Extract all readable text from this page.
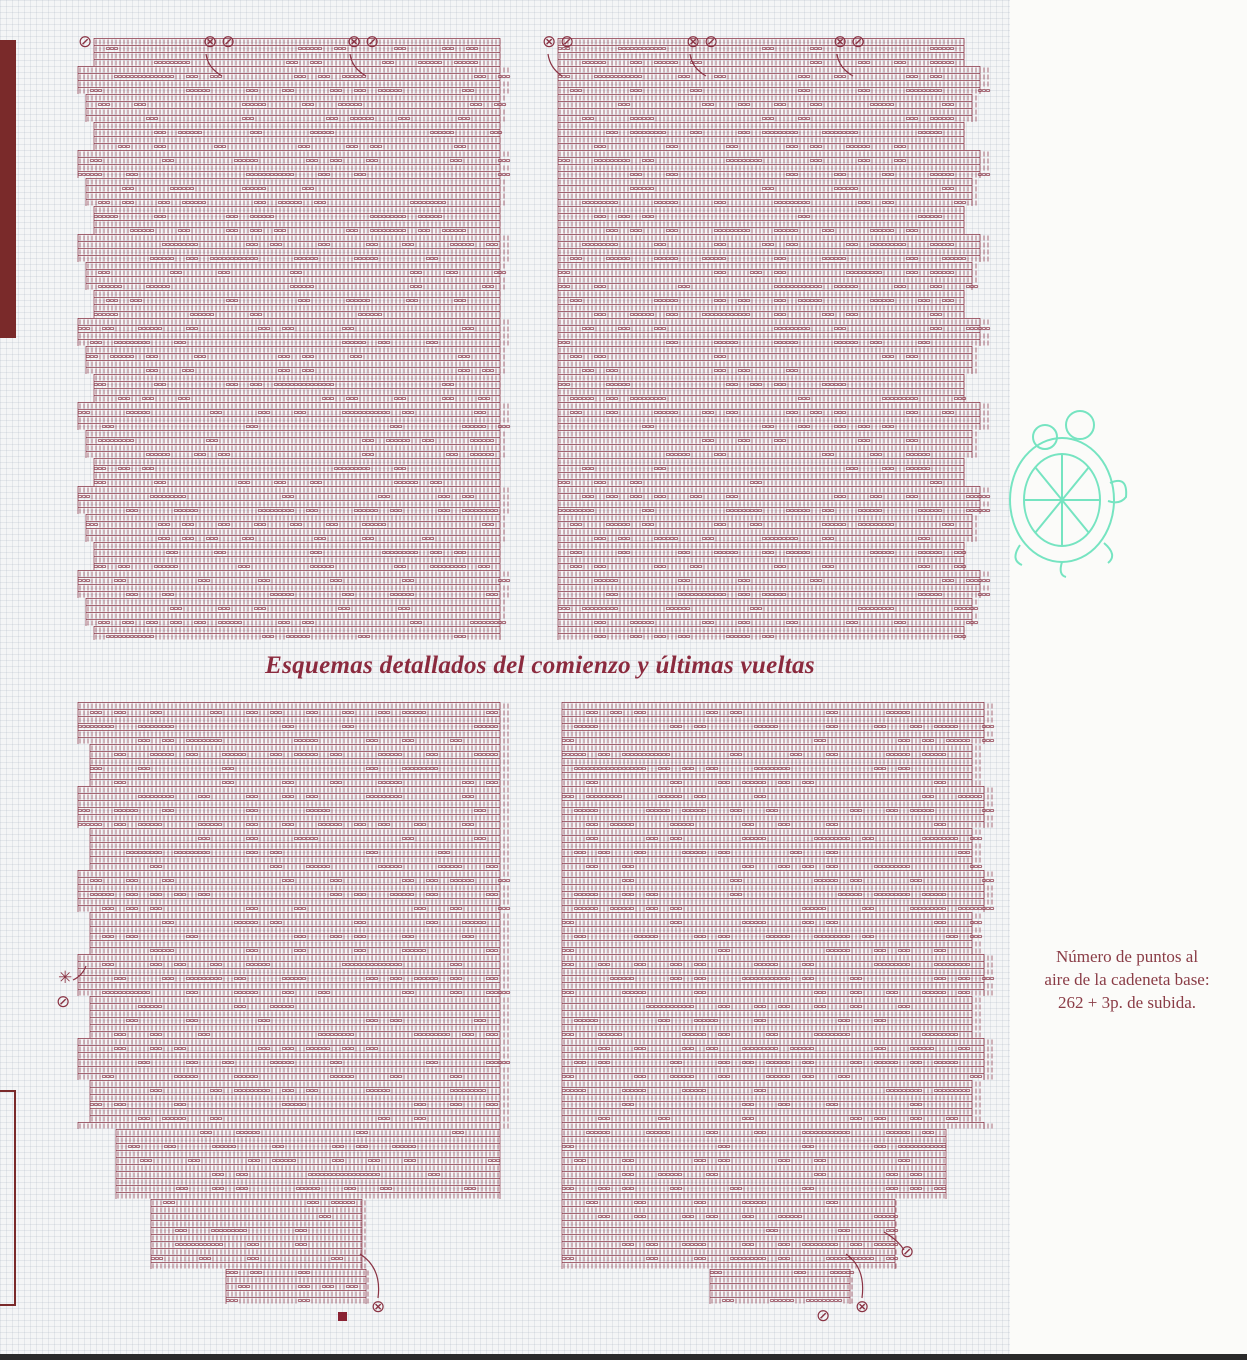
Esquemas detallados del comienzo y últimas vueltas
⊘	⊗ ⊘	⊗ ⊘	⊗ ⊘	⊗ ⊘	⊗ ⊘
✳
⊘
⊗
⊘
⊗
⊘
Número de puntos al
aire de la cadeneta base:
262 + 3p. de subida.
